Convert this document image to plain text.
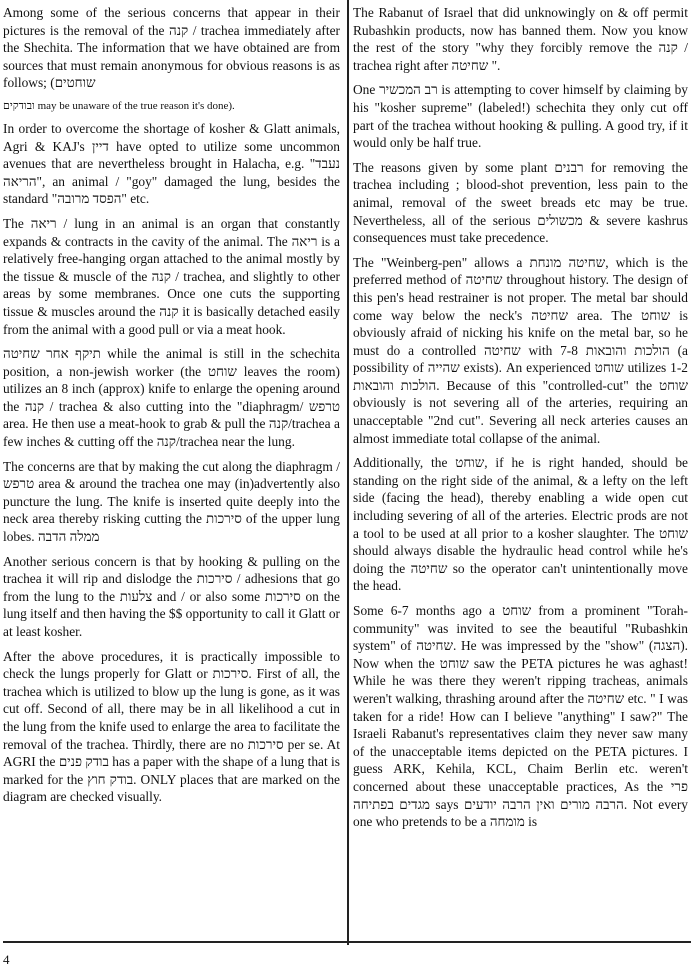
Among some of the serious concerns that appear in their pictures is the removal of the קנה / trachea immediately after the Shechita. The information that we have obtained are from sources that must remain anonymous for obvious reasons is as follows; (שוחטים

ובודקים may be unaware of the true reason it's done).

In order to overcome the shortage of kosher & Glatt animals, Agri & KAJ's דיין have opted to utilize some uncommon avenues that are nevertheless brought in Halacha, e.g. "נעבד הריאה", an animal / "goy" damaged the lung, besides the standard "הפסד מרובה" etc.

The ריאה / lung in an animal is an organ that constantly expands & contracts in the cavity of the animal. The ריאה is a relatively free-hanging organ attached to the animal mostly by the tissue & muscle of the קנה / trachea, and slightly to other areas by some membranes. Once one cuts the supporting tissue & muscles around the קנה it is basically detached easily from the animal with a good pull or via a meat hook.

תיקף אחר שחיטה while the animal is still in the schechita position, a non-jewish worker (the שוחט leaves the room) utilizes an 8 inch (approx) knife to enlarge the opening around the קנה / trachea & also cutting into the "diaphragm/ טרפש area. He then use a meat-hook to grab & pull the קנה/trachea a few inches & cutting off the קנה/trachea near the lung.

The concerns are that by making the cut along the diaphragm / טרפש area & around the trachea one may (in)advertently also puncture the lung. The knife is inserted quite deeply into the neck area thereby risking cutting the סירכות of the upper lung lobes. ממלה הדבה

Another serious concern is that by hooking & pulling on the trachea it will rip and dislodge the סירכות / adhesions that go from the lung to the צלעות and / or also some סירכות on the lung itself and then having the $$ opportunity to call it Glatt or at least kosher.

After the above procedures, it is practically impossible to check the lungs properly for Glatt or סירכות. First of all, the trachea which is utilized to blow up the lung is gone, as it was cut off. Second of all, there may be in all likelihood a cut in the lung from the knife used to enlarge the area to facilitate the removal of the trachea. Thirdly, there are no סירכות per se. At AGRI the בודק פנים has a paper with the shape of a lung that is marked for the בודק חוץ. ONLY places that are marked on the diagram are checked visually.

The Rabanut of Israel that did unknowingly on & off permit Rubashkin products, now has banned them. Now you know the rest of the story "why they forcibly remove the קנה / trachea right after שחיטה ".

One רב המכשיר is attempting to cover himself by claiming by his "kosher supreme" (labeled!) schechita they only cut off part of the trachea without hooking & pulling. A good try, if it would only be half true.

The reasons given by some plant רבנים for removing the trachea including ; blood-shot prevention, less pain to the animal, removal of the sweet breads etc may be true. Nevertheless, all of the serious מכשולים & severe kashrus consequences must take precedence.

The "Weinberg-pen" allows a שחיטה מונחת, which is the preferred method of שחיטה throughout history. The design of this pen's head restrainer is not proper. The metal bar should come way below the neck's שחיטה area. The שוחט is obviously afraid of nicking his knife on the metal bar, so he must do a controlled שחיטה with 7-8 הולכות והובאות (a possibility of שהייה exists). An experienced שוחט utilizes 1-2 הולכות והובאות. Because of this "controlled-cut" the שוחט obviously is not severing all of the arteries, requiring an unacceptable "2nd cut". Severing all neck arteries causes an almost immediate total collapse of the animal.

Additionally, the שוחט, if he is right handed, should be standing on the right side of the animal, & a lefty on the left side (facing the head), thereby enabling a wide open cut including severing of all of the arteries. Electric prods are not a tool to be used at all prior to a kosher slaughter. The שוחט should always disable the hydraulic head control while he's doing the שחיטה so the operator can't unintentionally move the head.

Some 6-7 months ago a שוחט from a prominent "Torah-community" was invited to see the beautiful "Rubashkin system" of שחיטה. He was impressed by the "show" (הצגה). Now when the שוחט saw the PETA pictures he was aghast! While he was there they weren't ripping tracheas, animals weren't walking, thrashing around after the שחיטה etc. " I was taken for a ride! How can I believe "anything" I saw?" The Israeli Rabanut's representatives claim they never saw many of the unacceptable items depicted on the PETA pictures. I guess ARK, Kehila, KCL, Chaim Berlin etc. weren't concerned about these unacceptable practices, As the פרי מגדים בפתיחה says הרבה מורים ואין הרבה יודעים. Not every one who pretends to be a מומחה is

4
